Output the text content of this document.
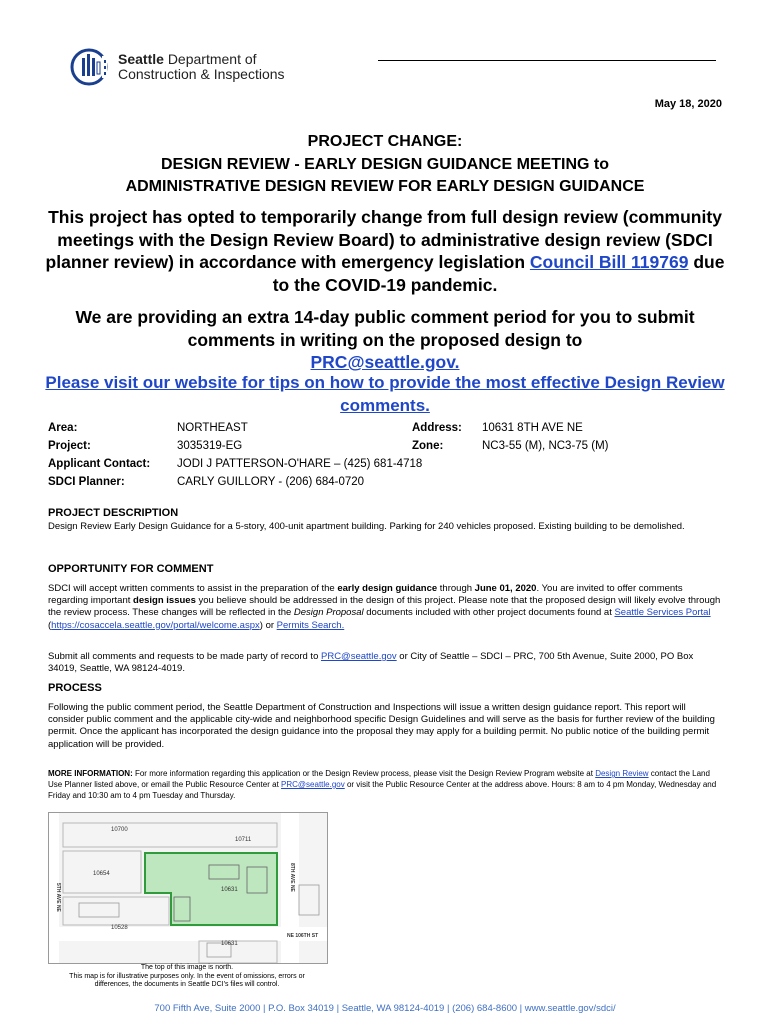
Seattle Department of
Construction & Inspections
May 18, 2020
PROJECT CHANGE:
DESIGN REVIEW - EARLY DESIGN GUIDANCE MEETING to
ADMINISTRATIVE DESIGN REVIEW FOR EARLY DESIGN GUIDANCE
This project has opted to temporarily change from full design review (community meetings with the Design Review Board) to administrative design review (SDCI planner review) in accordance with emergency legislation Council Bill 119769 due to the COVID-19 pandemic.
We are providing an extra 14-day public comment period for you to submit comments in writing on the proposed design to
PRC@seattle.gov.
Please visit our website for tips on how to provide the most effective Design Review comments.
Area:
Project:
Applicant Contact:
SDCI Planner:
NORTHEAST
3035319-EG
JODI J PATTERSON-O'HARE – (425) 681-4718
CARLY GUILLORY - (206) 684-0720
Address:
Zone:
10631 8TH AVE NE
NC3-55 (M), NC3-75 (M)
PROJECT DESCRIPTION
Design Review Early Design Guidance for a 5-story, 400-unit apartment building. Parking for 240 vehicles proposed. Existing building to be demolished.
OPPORTUNITY FOR COMMENT
SDCI will accept written comments to assist in the preparation of the early design guidance through June 01, 2020. You are invited to offer comments regarding important design issues you believe should be addressed in the design of this project. Please note that the proposed design will likely evolve through the review process. These changes will be reflected in the Design Proposal documents included with other project documents found at Seattle Services Portal
(https://cosaccela.seattle.gov/portal/welcome.aspx) or Permits Search.
Submit all comments and requests to be made party of record to PRC@seattle.gov or City of Seattle – SDCI – PRC, 700 5th Avenue, Suite 2000, PO Box 34019, Seattle, WA 98124-4019.
PROCESS
Following the public comment period, the Seattle Department of Construction and Inspections will issue a written design guidance report. This report will consider public comment and the applicable city-wide and neighborhood specific Design Guidelines and will serve as the basis for further review of the building permit. Once the applicant has incorporated the design guidance into the proposal they may apply for a building permit. No public notice of the building permit application will be provided.
MORE INFORMATION: For more information regarding this application or the Design Review process, please visit the Design Review Program website at Design Review contact the Land Use Planner listed above, or email the Public Resource Center at PRC@seattle.gov or visit the Public Resource Center at the address above. Hours: 8 am to 4 pm Monday, Wednesday and Friday and 10:30 am to 4 pm Tuesday and Thursday.
10700
10711
10654
10631
10528
10631
5TH AVE NE
8TH AVE NE
NE 106TH ST
The top of this image is north.
This map is for illustrative purposes only. In the event of omissions, errors or
differences, the documents in Seattle DCI's files will control.
700 Fifth Ave, Suite 2000 | P.O. Box 34019 | Seattle, WA 98124-4019 | (206) 684-8600 | www.seattle.gov/sdci/
